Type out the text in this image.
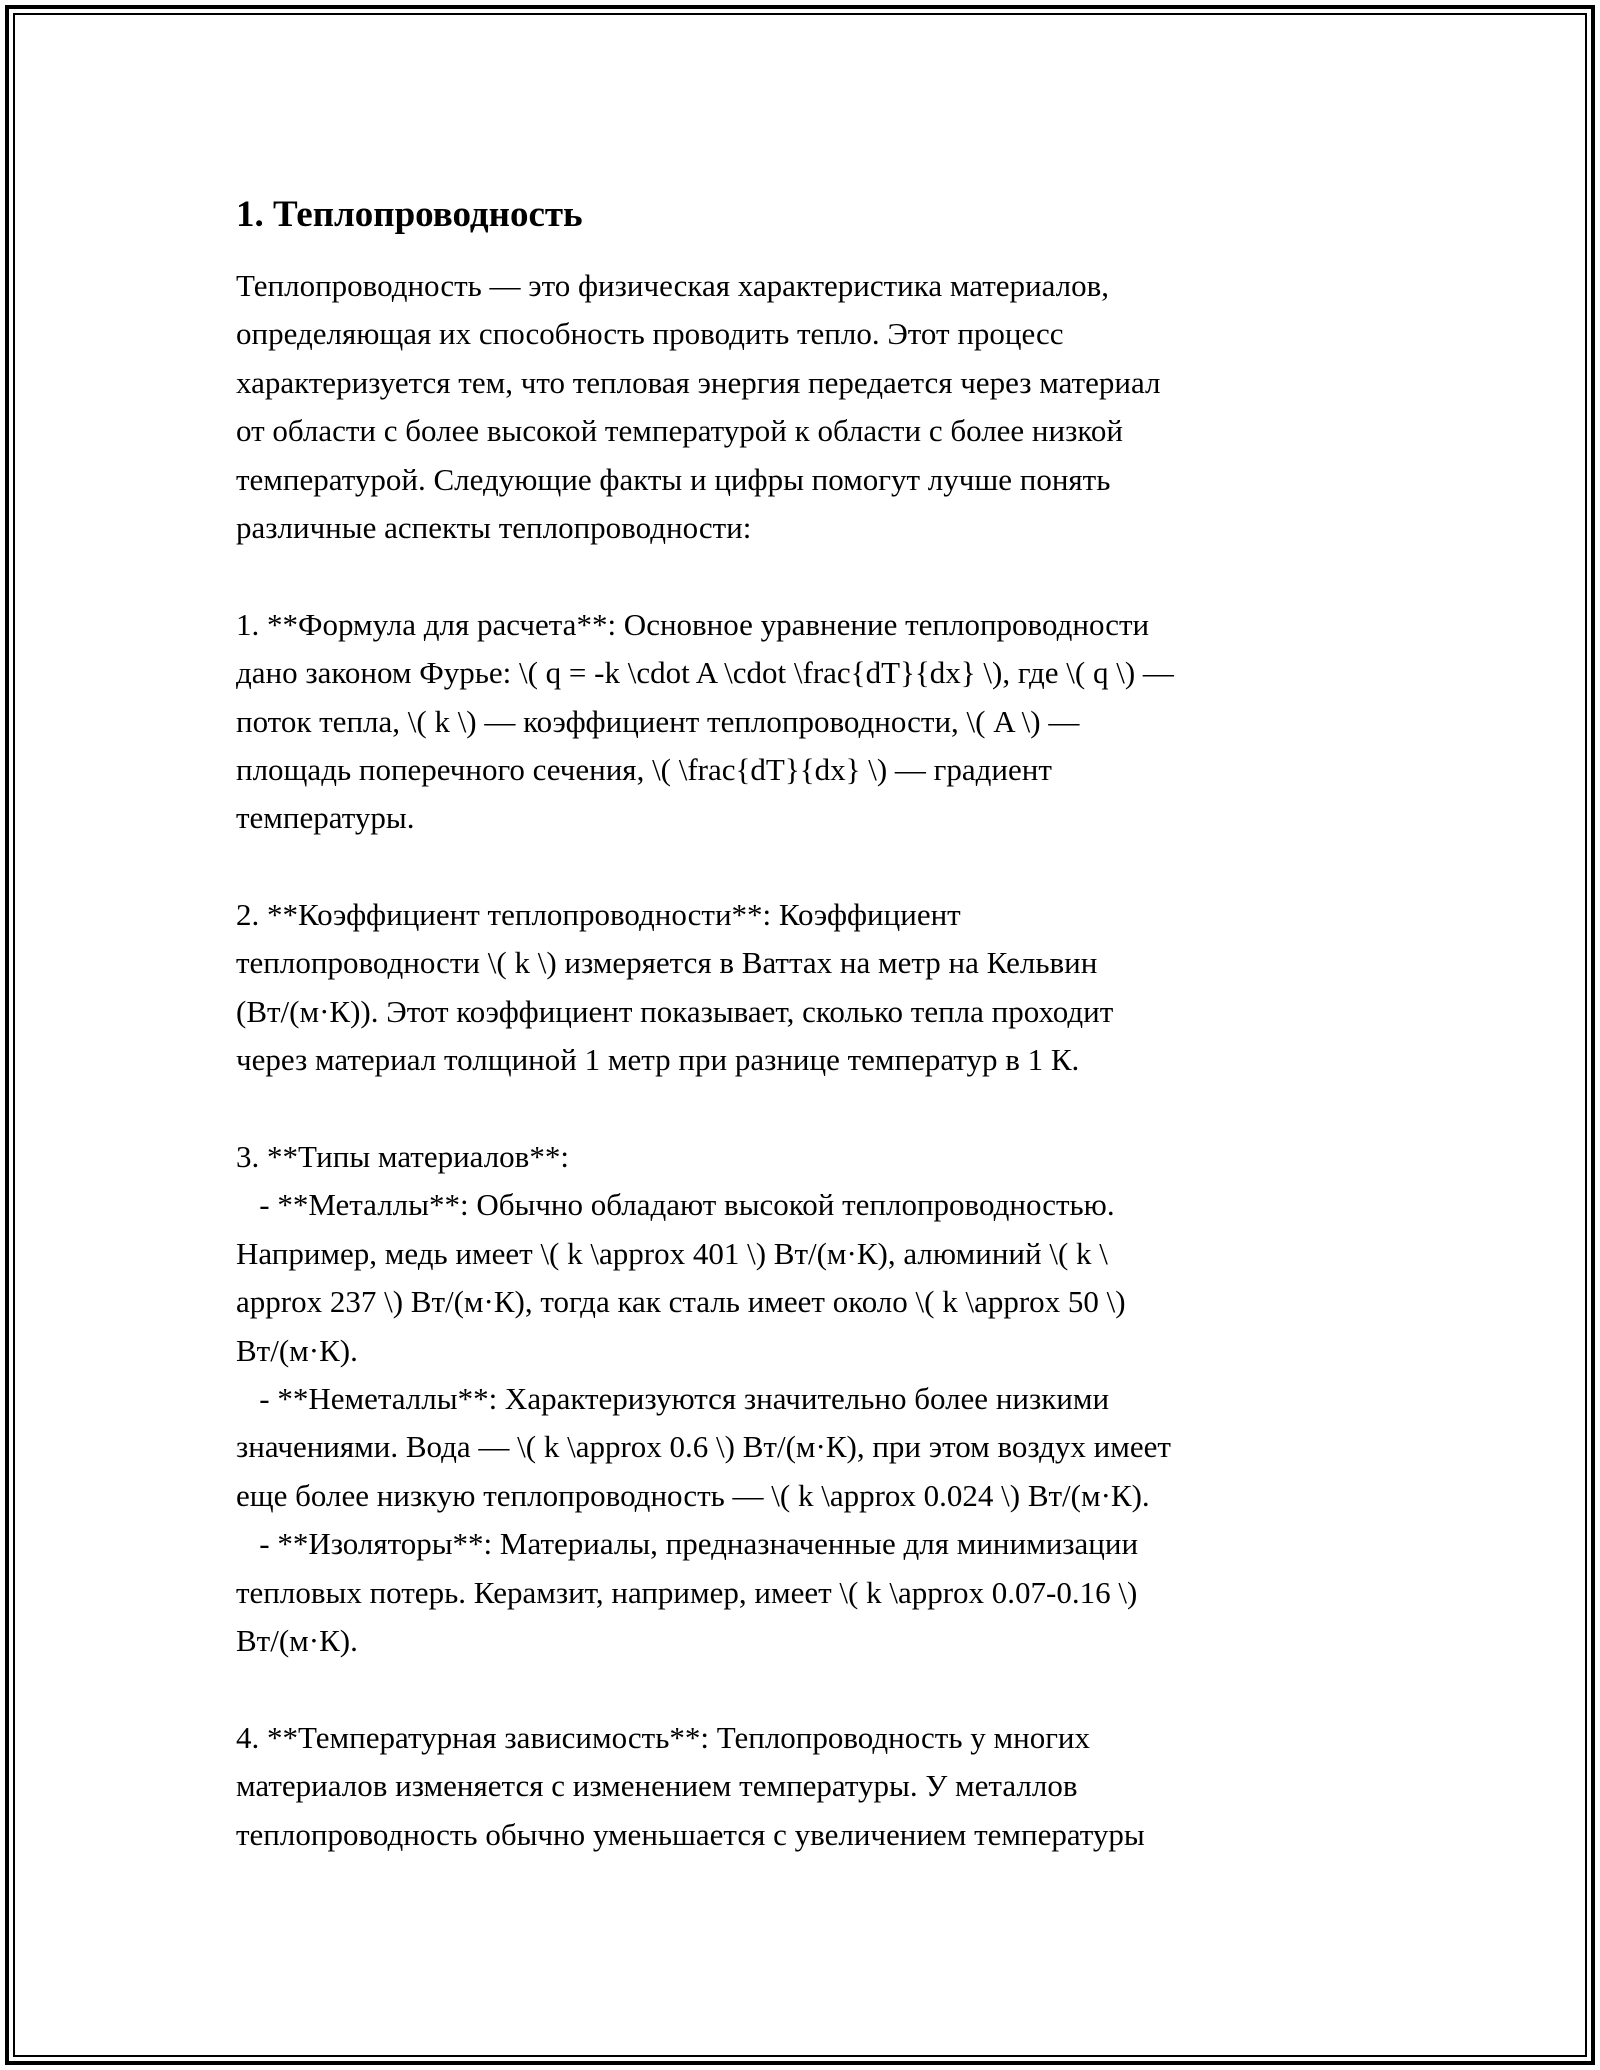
1. Теплопроводность
Теплопроводность — это физическая характеристика материалов,
определяющая их способность проводить тепло. Этот процесс
характеризуется тем, что тепловая энергия передается через материал
от области с более высокой температурой к области с более низкой
температурой. Следующие факты и цифры помогут лучше понять
различные аспекты теплопроводности:
1. **Формула для расчета**: Основное уравнение теплопроводности
дано законом Фурье: \( q = -k \cdot A \cdot \frac{dT}{dx} \), где \( q \) —
поток тепла, \( k \) — коэффициент теплопроводности, \( A \) —
площадь поперечного сечения, \( \frac{dT}{dx} \) — градиент
температуры.
2. **Коэффициент теплопроводности**: Коэффициент
теплопроводности \( k \) измеряется в Ваттах на метр на Кельвин
(Вт/(м·К)). Этот коэффициент показывает, сколько тепла проходит
через материал толщиной 1 метр при разнице температур в 1 К.
3. **Типы материалов**:
- **Металлы**: Обычно обладают высокой теплопроводностью.
Например, медь имеет \( k \approx 401 \) Вт/(м·К), алюминий \( k \
approx 237 \) Вт/(м·К), тогда как сталь имеет около \( k \approx 50 \)
Вт/(м·К).
- **Неметаллы**: Характеризуются значительно более низкими
значениями. Вода — \( k \approx 0.6 \) Вт/(м·К), при этом воздух имеет
еще более низкую теплопроводность — \( k \approx 0.024 \) Вт/(м·К).
- **Изоляторы**: Материалы, предназначенные для минимизации
тепловых потерь. Керамзит, например, имеет \( k \approx 0.07-0.16 \)
Вт/(м·К).
4. **Температурная зависимость**: Теплопроводность у многих
материалов изменяется с изменением температуры. У металлов
теплопроводность обычно уменьшается с увеличением температуры
